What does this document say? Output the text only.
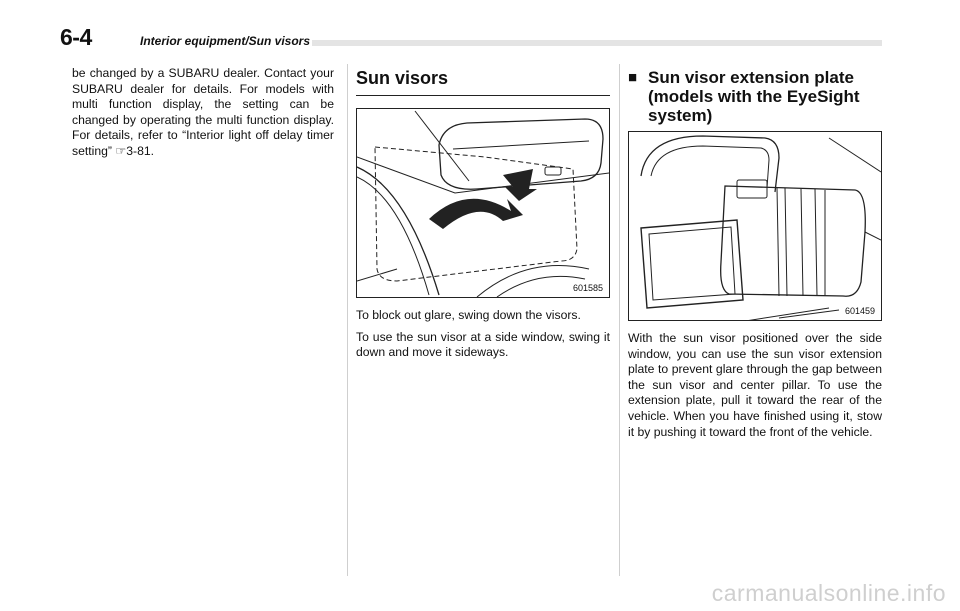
6-4	Interior equipment/Sun visors

be changed by a SUBARU dealer. Contact your SUBARU dealer for details. For models with multi function display, the setting can be changed by operating the multi function display. For details, refer to “Interior light off delay timer setting” ☞3-81.

Sun visors
601585

To block out glare, swing down the visors.

To use the sun visor at a side window, swing it down and move it sideways.

■ Sun visor extension plate (models with the EyeSight system)
601459

With the sun visor positioned over the side window, you can use the sun visor extension plate to prevent glare through the gap between the sun visor and center pillar. To use the extension plate, pull it toward the rear of the vehicle. When you have finished using it, stow it by pushing it toward the front of the vehicle.

carmanualsonline.info
